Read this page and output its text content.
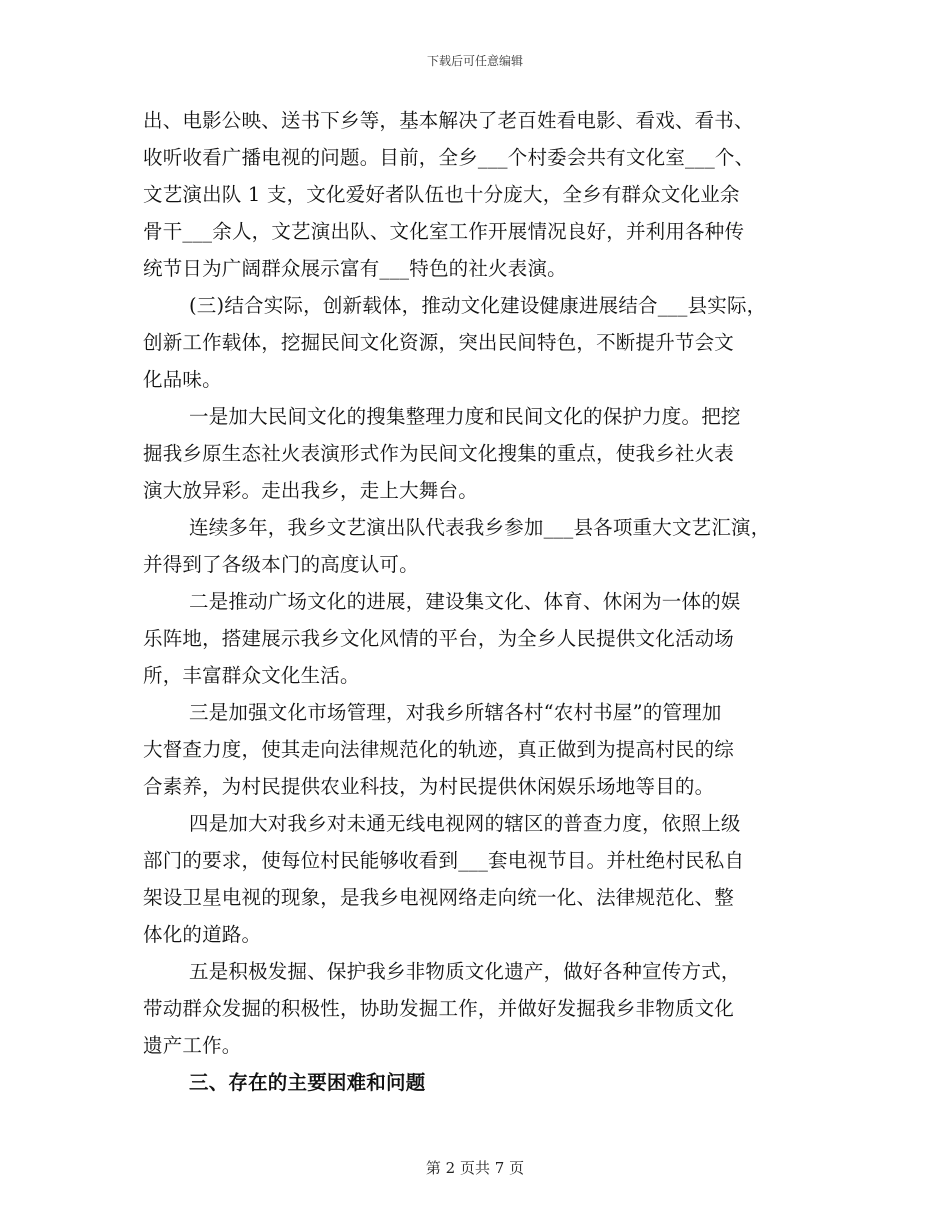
下载后可任意编辑
出、电影公映、送书下乡等，基本解决了老百姓看电影、看戏、看书、
收听收看广播电视的问题。目前，全乡___个村委会共有文化室___个、
文艺演出队 1 支，文化爱好者队伍也十分庞大，全乡有群众文化业余
骨干___余人，文艺演出队、文化室工作开展情况良好，并利用各种传
统节日为广阔群众展示富有___特色的社火表演。
(三)结合实际，创新载体，推动文化建设健康进展结合___县实际，
创新工作载体，挖掘民间文化资源，突出民间特色，不断提升节会文
化品味。
一是加大民间文化的搜集整理力度和民间文化的保护力度。把挖
掘我乡原生态社火表演形式作为民间文化搜集的重点，使我乡社火表
演大放异彩。走出我乡，走上大舞台。
连续多年，我乡文艺演出队代表我乡参加___县各项重大文艺汇演，
并得到了各级本门的高度认可。
二是推动广场文化的进展，建设集文化、体育、休闲为一体的娱
乐阵地，搭建展示我乡文化风情的平台，为全乡人民提供文化活动场
所，丰富群众文化生活。
三是加强文化市场管理，对我乡所辖各村“农村书屋”的管理加
大督查力度，使其走向法律规范化的轨迹，真正做到为提高村民的综
合素养，为村民提供农业科技，为村民提供休闲娱乐场地等目的。
四是加大对我乡对未通无线电视网的辖区的普查力度，依照上级
部门的要求，使每位村民能够收看到___套电视节目。并杜绝村民私自
架设卫星电视的现象，是我乡电视网络走向统一化、法律规范化、整
体化的道路。
五是积极发掘、保护我乡非物质文化遗产，做好各种宣传方式，
带动群众发掘的积极性，协助发掘工作，并做好发掘我乡非物质文化
遗产工作。
三、存在的主要困难和问题
第 2 页共 7 页
